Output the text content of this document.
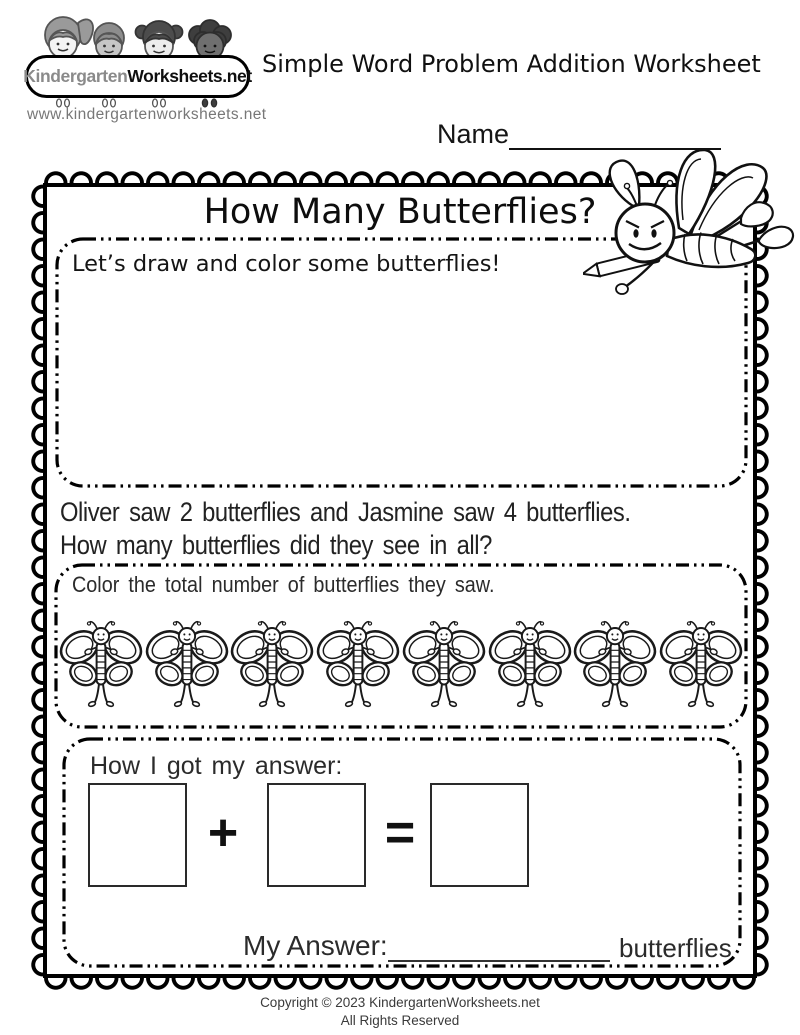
Kindergarten Worksheets.net
www.kindergartenworksheets.net
Simple Word Problem Addition Worksheet
Name
How Many Butterflies?
Let’s draw and color some butterflies!
Oliver saw 2 butterflies and Jasmine saw 4 butterflies.
How many butterflies did they see in all?
Color the total number of butterflies they saw.
How I got my answer:
+	=
My Answer:	butterflies
Copyright © 2023 KindergartenWorksheets.net
All Rights Reserved
